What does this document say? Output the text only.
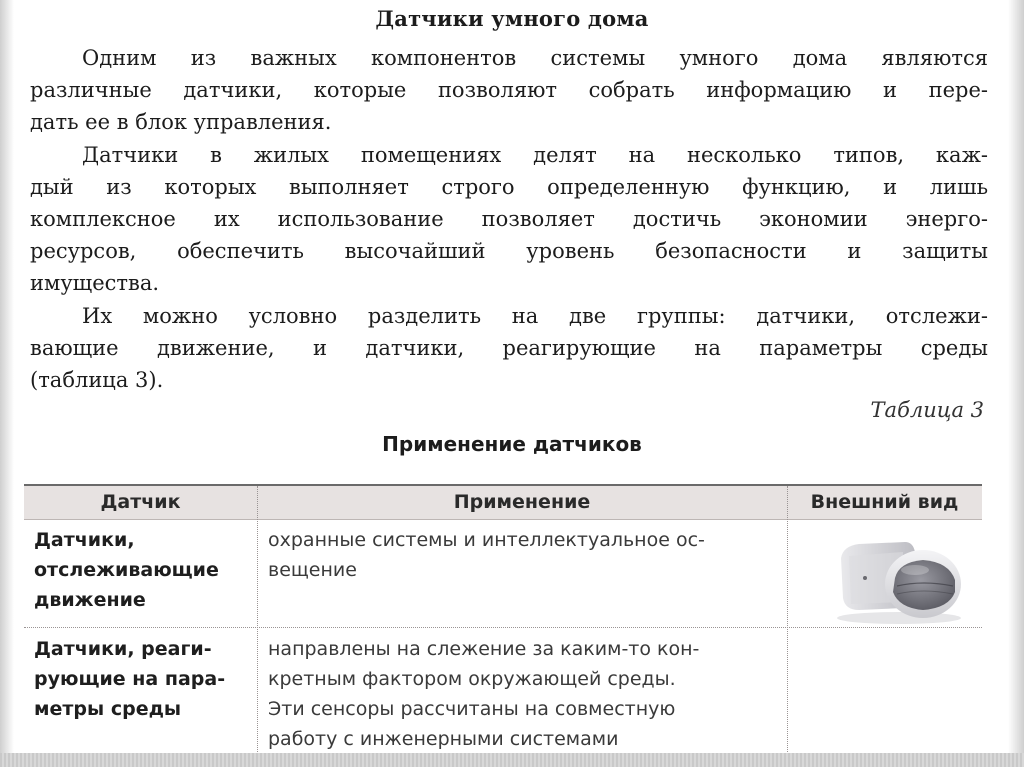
Датчики умного дома

Одним из важных компонентов системы умного дома являются
различные датчики, которые позволяют собрать информацию и пере-
дать ее в блок управления.

Датчики в жилых помещениях делят на несколько типов, каж-
дый из которых выполняет строго определенную функцию, и лишь
комплексное их использование позволяет достичь экономии энерго-
ресурсов, обеспечить высочайший уровень безопасности и защиты
имущества.

Их можно условно разделить на две группы: датчики, отслежи-
вающие движение, и датчики, реагирующие на параметры среды
(таблица 3).

Таблица 3
Применение датчиков
Датчик	Применение	Внешний вид
Датчики,
отслеживающие
движение
охранные системы и интеллектуальное ос-
вещение
Датчики, реаги-
рующие на пара-
метры среды
направлены на слежение за каким-то кон-
кретным фактором окружающей среды.
Эти сенсоры рассчитаны на совместную
работу с инженерными системами
